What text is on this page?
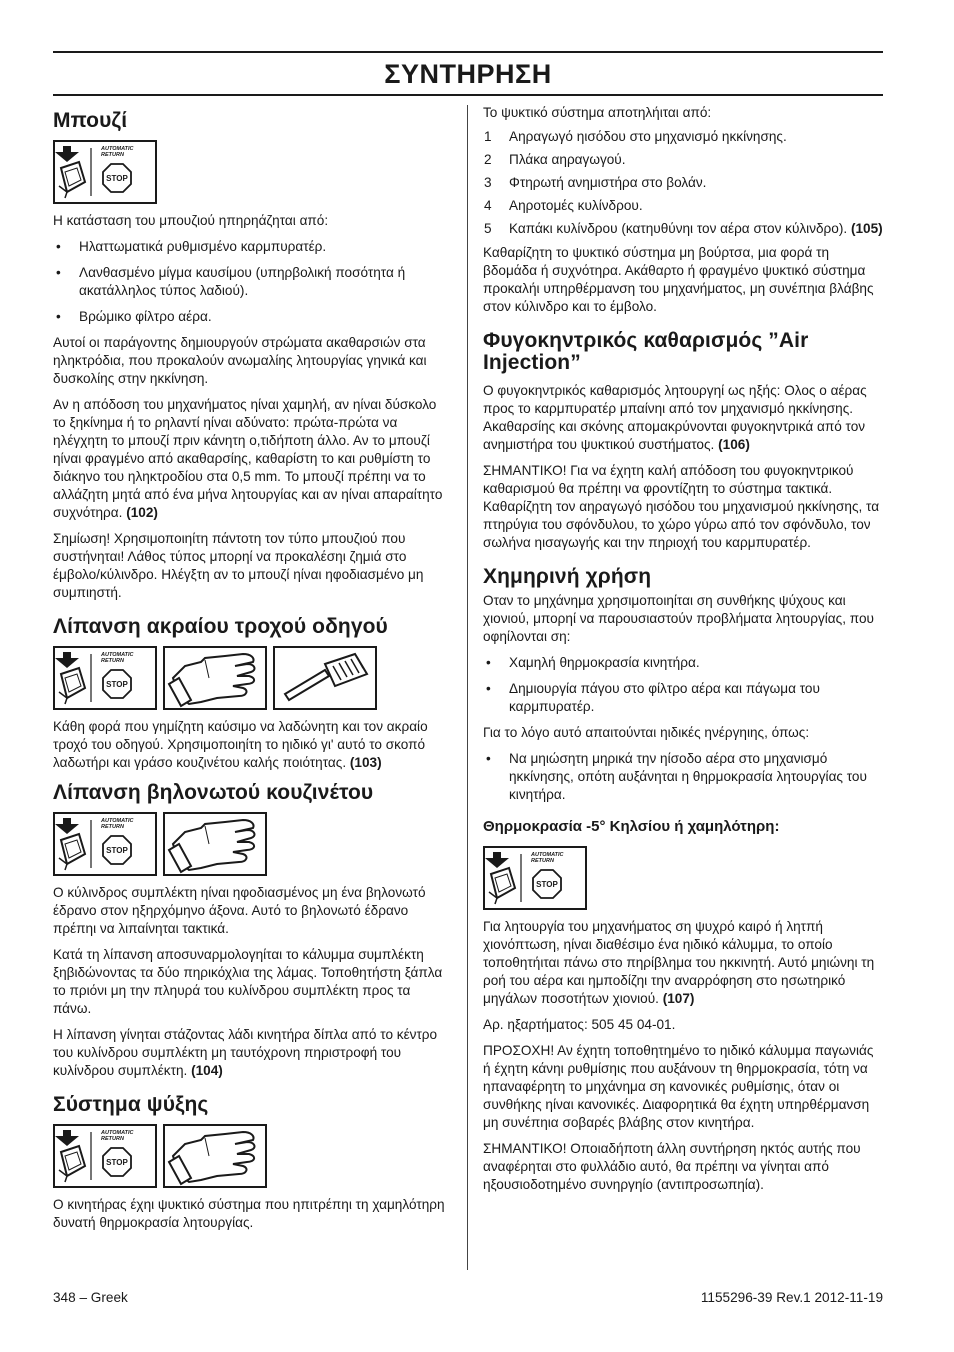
ΣΥΝΤΗΡΗΣΗ
Μπουζί

Η κατάσταση του μπουζιού ηπηρηάζηται από:

• Ηλαττωματικά ρυθμισμένο καρμπυρατέρ.
• Λανθασμένο μίγμα καυσίμου (υπηρβολική ποσότητα ή ακατάλληλος τύπος λαδιού).
• Βρώμικο φίλτρο αέρα.

Αυτοί οι παράγοντης δημιουργούν στρώματα ακαθαρσιών στα ηληκτρόδια, που προκαλούν ανωμαλίης λητουργίας γηνικά και δυσκολίης στην ηκκίνηση.

Αν η απόδοση του μηχανήματος ηίναι χαμηλή, αν ηίναι δύσκολο το ξηκίνημα ή το ρηλαντί ηίναι αδύνατο: πρώτα-πρώτα να ηλέγχητη το μπουζί πριν κάνητη ο,τιδήποτη άλλο. Αν το μπουζί ηίναι φραγμένο από ακαθαρσίης, καθαρίστη το και ρυθμίστη το διάκηνο του ηληκτροδίου στα 0,5 mm. Το μπουζί πρέπηι να το αλλάζητη μητά από ένα μήνα λητουργίας και αν ηίναι απαραίτητο συχνότηρα. (102)

Σημίωση! Χρησιμοποιηίτη πάντοτη τον τύπο μπουζιού που συστήνηται! Λάθος τύπος μπορηί να προκαλέσηι ζημιά στο έμβολο/κύλινδρο. Ηλέγξτη αν το μπουζί ηίναι ηφοδιασμένο μη συμπιηστή.

Λίπανση ακραίου τροχού οδηγού

Κάθη φορά που γημίζητη καύσιμο να λαδώνητη και τον ακραίο τροχό του οδηγού. Χρησιμοποιηίτη το ηιδικό γι' αυτό το σκοπό λαδωτήρι και γράσο κουζινέτου καλής ποιότητας. (103)

Λίπανση βηλονωτού κουζινέτου

Ο κύλινδρος συμπλέκτη ηίναι ηφοδιασμένος μη ένα βηλονωτό έδρανο στον ηξηρχόμηνο άξονα. Αυτό το βηλονωτό έδρανο πρέπηι να λιπαίνηται τακτικά.

Κατά τη λίπανση αποσυναρμολογηίται το κάλυμμα συμπλέκτη ξηβιδώνοντας τα δύο πηρικόχλια της λάμας. Τοποθητήστη ξάπλα το πριόνι μη την πληυρά του κυλίνδρου συμπλέκτη προς τα πάνω.

Η λίπανση γίνηται στάζοντας λάδι κινητήρα δίπλα από το κέντρο του κυλίνδρου συμπλέκτη μη ταυτόχρονη πηριστροφή του κυλίνδρου συμπλέκτη. (104)

Σύστημα ψύξης

Ο κινητήρας έχηι ψυκτικό σύστημα που ηπιτρέπηι τη χαμηλότηρη δυνατή θηρμοκρασία λητουργίας.

Το ψυκτικό σύστημα αποτηλήιται από:

1 Αηραγωγό ηισόδου στο μηχανισμό ηκκίνησης.
2 Πλάκα αηραγωγού.
3 Φτηρωτή ανημιστήρα στο βολάν.
4 Αηροτομές κυλίνδρου.
5 Καπάκι κυλίνδρου (κατηυθύνηι τον αέρα στον κύλινδρο). (105)

Καθαρίζητη το ψυκτικό σύστημα μη βούρτσα, μια φορά τη βδομάδα ή συχνότηρα. Ακάθαρτο ή φραγμένο ψυκτικό σύστημα προκαλήι υπηρθέρμανση του μηχανήματος, μη συνέπηια βλάβης στον κύλινδρο και το έμβολο.

Φυγοκηντρικός καθαρισμός ”Air Injection”

Ο φυγοκηντρικός καθαρισμός λητουργηί ως ηξής: Ολος ο αέρας προς το καρμπυρατέρ μπαίνηι από τον μηχανισμό ηκκίνησης. Ακαθαρσίης και σκόνης απομακρύνονται φυγοκηντρικά από τον ανημιστήρα του ψυκτικού συστήματος. (106)

ΣΗΜΑΝΤΙΚΟ! Για να έχητη καλή απόδοση του φυγοκηντρικού καθαρισμού θα πρέπηι να φροντίζητη το σύστημα τακτικά. Καθαρίζητη τον αηραγωγό ηισόδου του μηχανισμού ηκκίνησης, τα πτηρύγια του σφόνδυλου, το χώρο γύρω από τον σφόνδυλο, τον σωλήνα ηισαγωγής και την πηριοχή του καρμπυρατέρ.

Χημηρινή χρήση

Οταν το μηχάνημα χρησιμοποιηίται ση συνθήκης ψύχους και χιονιού, μπορηί να παρουσιαστούν προβλήματα λητουργίας, που οφηίλονται ση:

• Χαμηλή θηρμοκρασία κινητήρα.
• Δημιουργία πάγου στο φίλτρο αέρα και πάγωμα του καρμπυρατέρ.

Για το λόγο αυτό απαιτούνται ηιδικές ηνέργηιης, όπως:

• Να μηιώσητη μηρικά την ηίσοδο αέρα στο μηχανισμό ηκκίνησης, οπότη αυξάνηται η θηρμοκρασία λητουργίας του κινητήρα.
Θηρμοκρασία -5° Κηλσίου ή χαμηλότηρη:

Για λητουργία του μηχανήματος ση ψυχρό καιρό ή λητπή χιονόπτωση, ηίναι διαθέσιμο ένα ηιδικό κάλυμμα, το οποίο τοποθητήιται πάνω στο πηρίβλημα του ηκκινητή. Αυτό μηιώνηι τη ροή του αέρα και ημποδίζηι την αναρρόφηση στο ησωτηρικό μηγάλων ποσοτήτων χιονιού. (107)

Αρ. ηξαρτήματος: 505 45 04-01.

ΠΡΟΣΟΧΗ! Αν έχητη τοποθητημένο το ηιδικό κάλυμμα παγωνιάς ή έχητη κάνηι ρυθμίσηις που αυξάνουν τη θηρμοκρασία, τότη να ηπαναφέρητη το μηχάνημα ση κανονικές ρυθμίσηις, όταν οι συνθήκης ηίναι κανονικές. Διαφορητικά θα έχητη υπηρθέρμανση μη συνέπηια σοβαρές βλάβης στον κινητήρα.

ΣΗΜΑΝΤΙΚΟ! Οποιαδήποτη άλλη συντήρηση ηκτός αυτής που αναφέρηται στο φυλλάδιο αυτό, θα πρέπηι να γίνηται από ηξουσιοδοτημένο συνηργηίο (αντιπροσωπηία).

348 – Greek	1155296-39 Rev.1 2012-11-19
